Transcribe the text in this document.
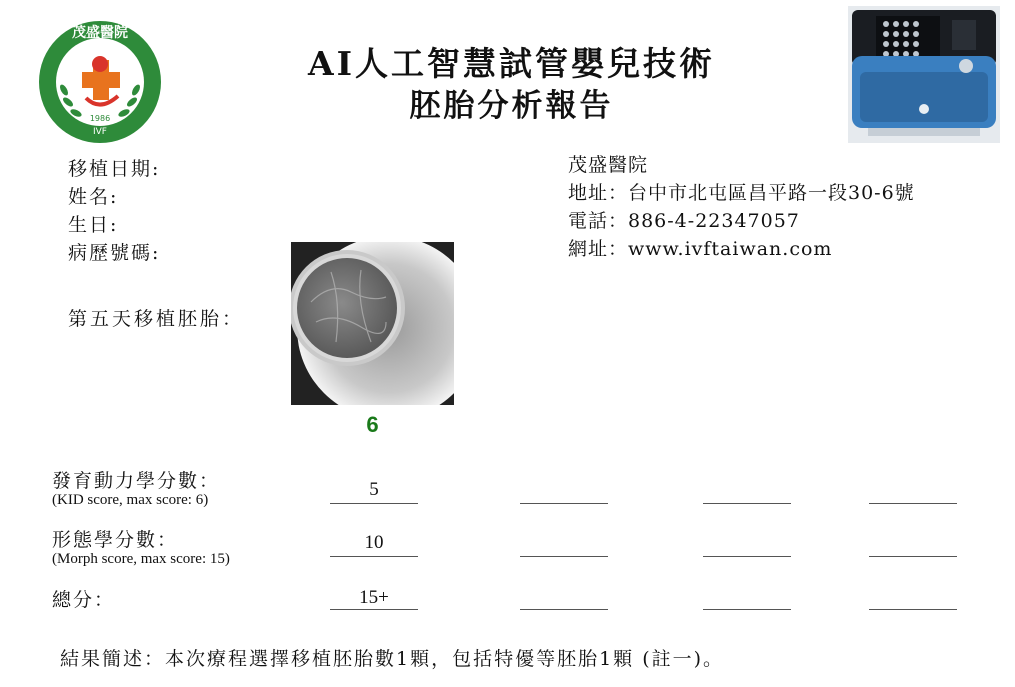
茂盛醫院
1986
IVF
AI人工智慧試管嬰兒技術
胚胎分析報告
移植日期:
姓名:
生日:
病歷號碼:
茂盛醫院
地址：台中市北屯區昌平路一段30-6號
電話：886-4-22347057
網址：www.ivftaiwan.com
第五天移植胚胎：
6
發育動力學分數：
(KID score, max score: 6)
形態學分數：
(Morph score, max score: 15)
總分：
5
10
15+
結果簡述：本次療程選擇移植胚胎數1顆，包括特優等胚胎1顆 (註一)。
